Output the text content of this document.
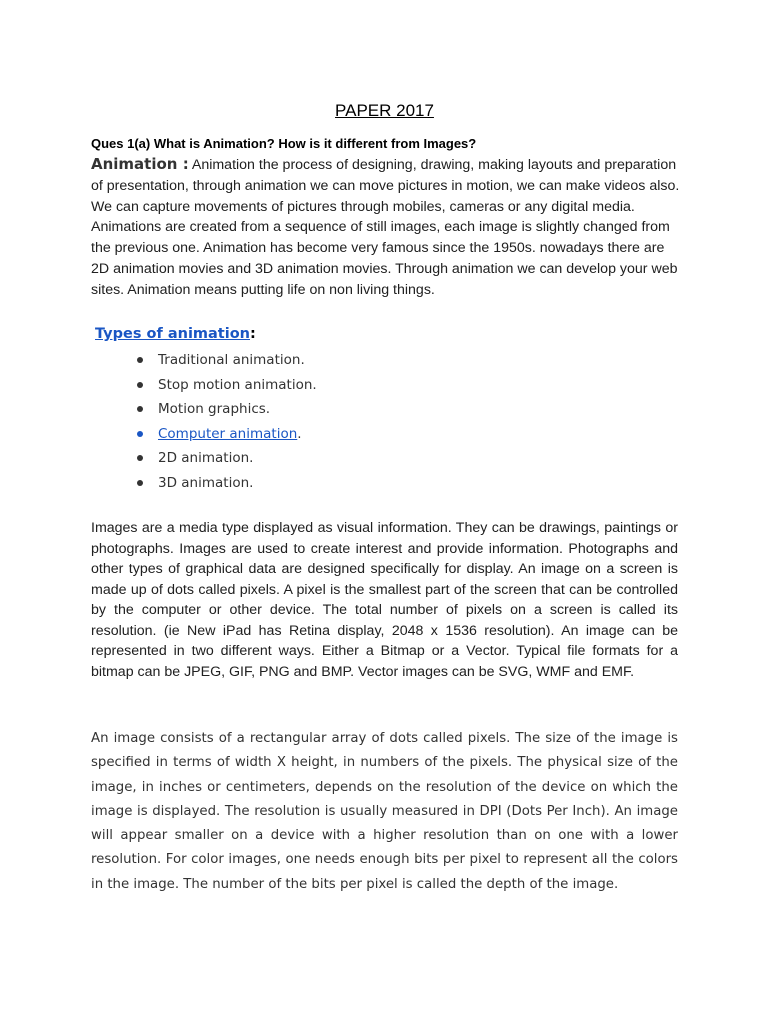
PAPER 2017

Ques 1(a) What is Animation? How is it different from Images?

Animation : Animation the process of designing, drawing, making layouts and preparation of presentation, through animation we can move pictures in motion, we can make videos also. We can capture movements of pictures through mobiles, cameras or any digital media. Animations are created from a sequence of still images, each image is slightly changed from the previous one. Animation has become very famous since the 1950s. nowadays there are 2D animation movies and 3D animation movies. Through animation we can develop your web sites. Animation means putting life on non living things.

Types of animation:

Traditional animation.
Stop motion animation.
Motion graphics.
Computer animation.
2D animation.
3D animation.

Images are a media type displayed as visual information. They can be drawings, paintings or photographs. Images are used to create interest and provide information. Photographs and other types of graphical data are designed specifically for display. An image on a screen is made up of dots called pixels. A pixel is the smallest part of the screen that can be controlled by the computer or other device. The total number of pixels on a screen is called its resolution. (ie New iPad has Retina display, 2048 x 1536 resolution). An image can be represented in two different ways. Either a Bitmap or a Vector. Typical file formats for a bitmap can be JPEG, GIF, PNG and BMP. Vector images can be SVG, WMF and EMF.

An image consists of a rectangular array of dots called pixels. The size of the image is specified in terms of width X height, in numbers of the pixels. The physical size of the image, in inches or centimeters, depends on the resolution of the device on which the image is displayed. The resolution is usually measured in DPI (Dots Per Inch). An image will appear smaller on a device with a higher resolution than on one with a lower resolution. For color images, one needs enough bits per pixel to represent all the colors in the image. The number of the bits per pixel is called the depth of the image.
